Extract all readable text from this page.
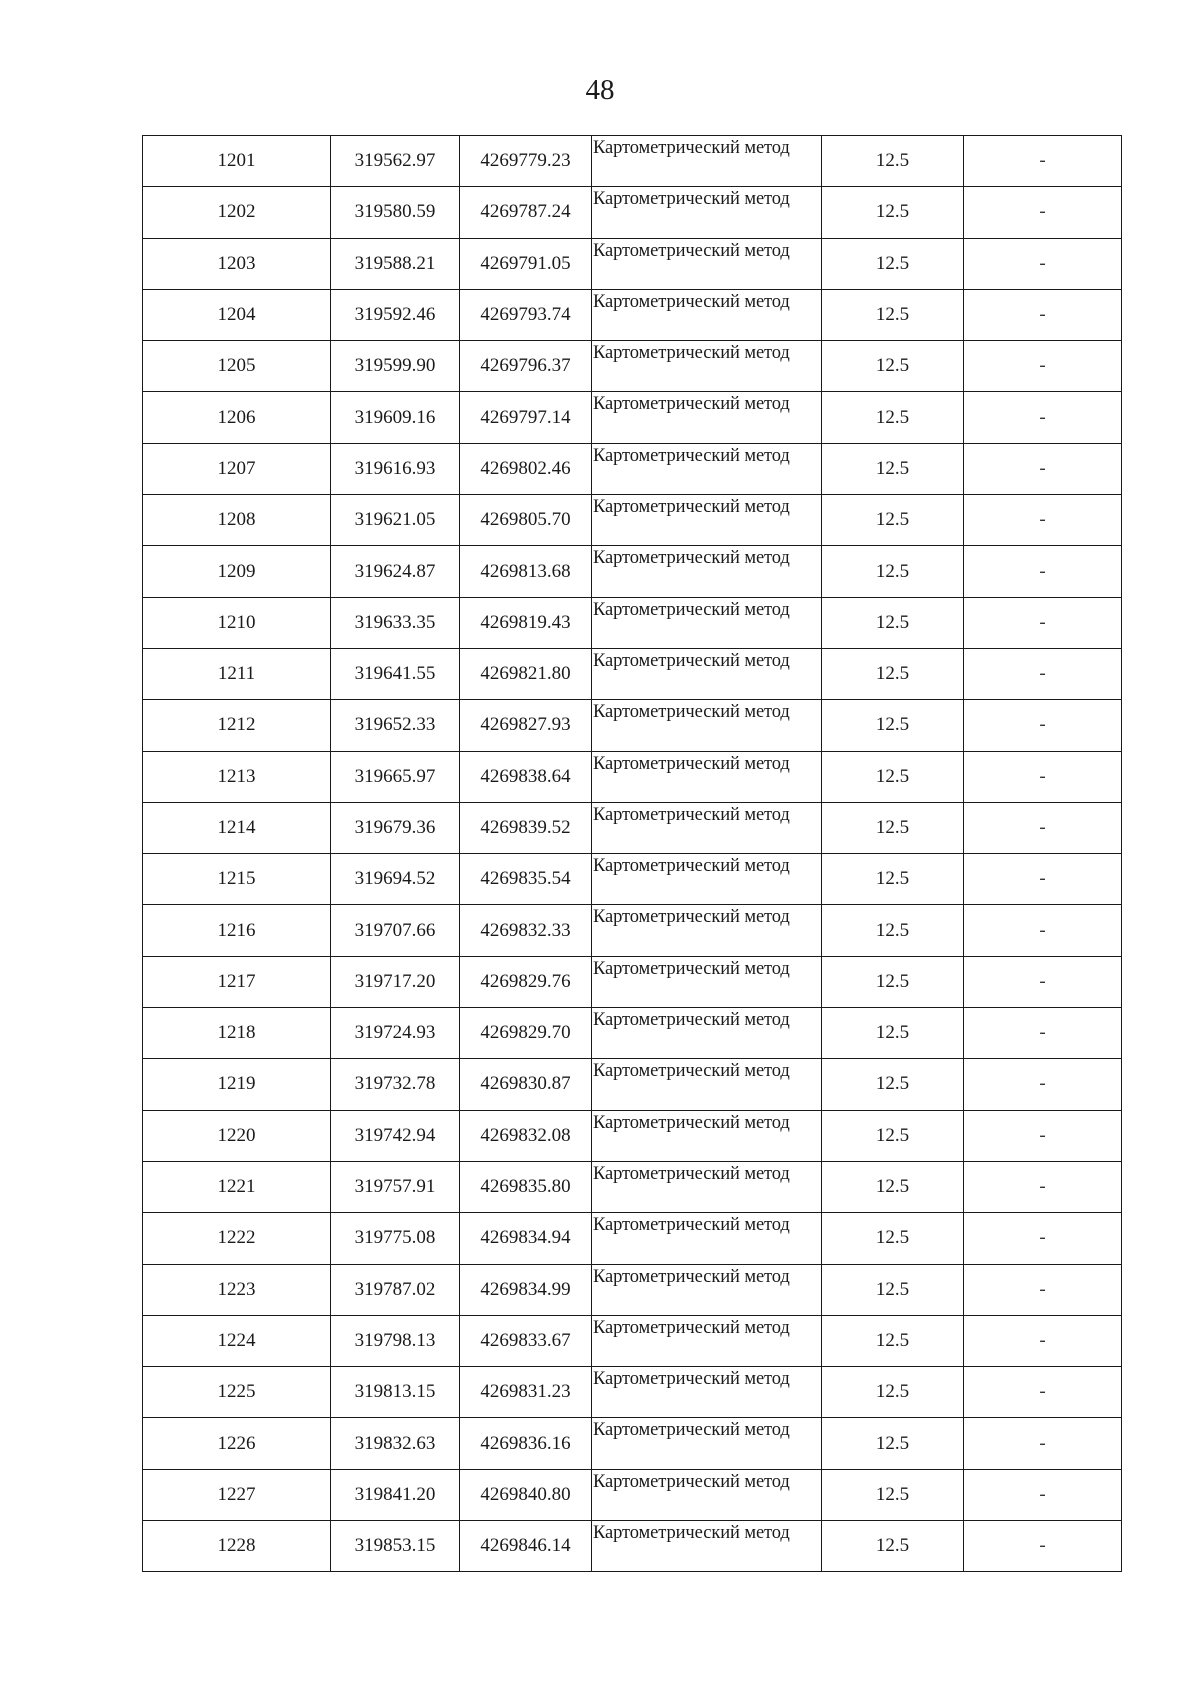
48
1201	319562.97	4269779.23	Картометрический метод	12.5	-
1202	319580.59	4269787.24	Картометрический метод	12.5	-
1203	319588.21	4269791.05	Картометрический метод	12.5	-
1204	319592.46	4269793.74	Картометрический метод	12.5	-
1205	319599.90	4269796.37	Картометрический метод	12.5	-
1206	319609.16	4269797.14	Картометрический метод	12.5	-
1207	319616.93	4269802.46	Картометрический метод	12.5	-
1208	319621.05	4269805.70	Картометрический метод	12.5	-
1209	319624.87	4269813.68	Картометрический метод	12.5	-
1210	319633.35	4269819.43	Картометрический метод	12.5	-
1211	319641.55	4269821.80	Картометрический метод	12.5	-
1212	319652.33	4269827.93	Картометрический метод	12.5	-
1213	319665.97	4269838.64	Картометрический метод	12.5	-
1214	319679.36	4269839.52	Картометрический метод	12.5	-
1215	319694.52	4269835.54	Картометрический метод	12.5	-
1216	319707.66	4269832.33	Картометрический метод	12.5	-
1217	319717.20	4269829.76	Картометрический метод	12.5	-
1218	319724.93	4269829.70	Картометрический метод	12.5	-
1219	319732.78	4269830.87	Картометрический метод	12.5	-
1220	319742.94	4269832.08	Картометрический метод	12.5	-
1221	319757.91	4269835.80	Картометрический метод	12.5	-
1222	319775.08	4269834.94	Картометрический метод	12.5	-
1223	319787.02	4269834.99	Картометрический метод	12.5	-
1224	319798.13	4269833.67	Картометрический метод	12.5	-
1225	319813.15	4269831.23	Картометрический метод	12.5	-
1226	319832.63	4269836.16	Картометрический метод	12.5	-
1227	319841.20	4269840.80	Картометрический метод	12.5	-
1228	319853.15	4269846.14	Картометрический метод	12.5	-
